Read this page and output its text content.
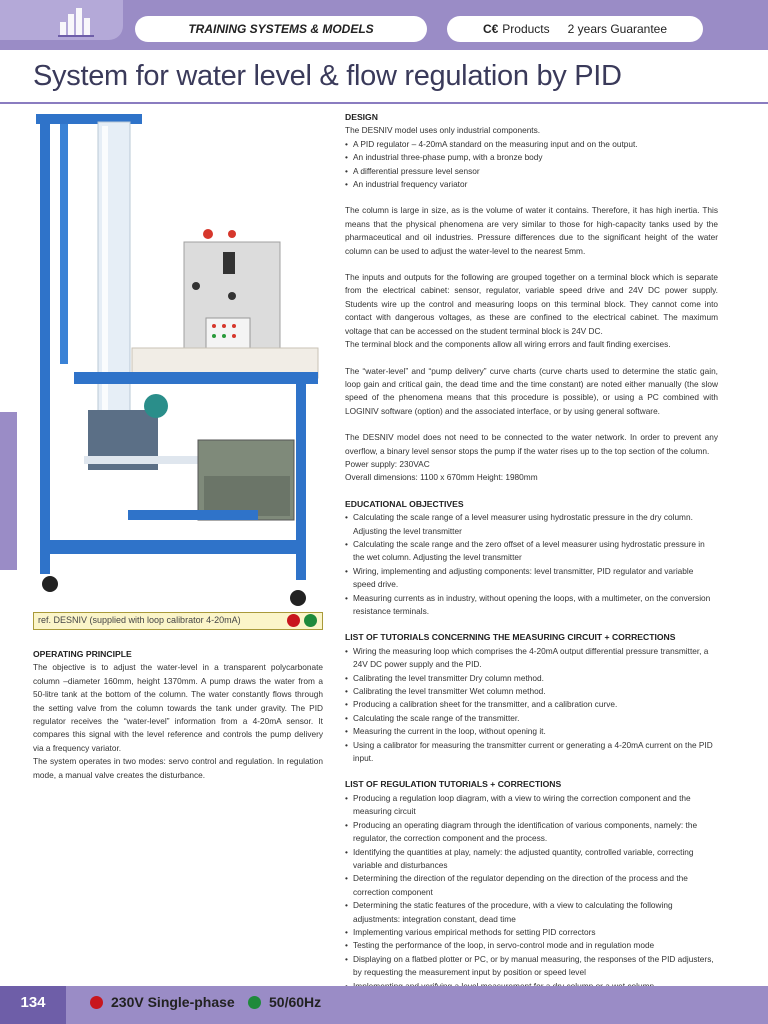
TRAINING SYSTEMS & MODELS	C€ Products 2 years Guarantee
System for water level & flow regulation by PID
ref. DESNIV (supplied with loop calibrator 4-20mA)
OPERATING PRINCIPLE

The objective is to adjust the water-level in a transparent polycarbonate column –diameter 160mm, height 1370mm. A pump draws the water from a 50-litre tank at the bottom of the column. The water constantly flows through the setting valve from the column towards the tank under gravity. The PID regulator receives the “water-level” information from a 4-20mA sensor. It compares this signal with the level reference and controls the pump delivery via a frequency variator.

The system operates in two modes: servo control and regulation. In regulation mode, a manual valve creates the disturbance.

DESIGN

The DESNIV model uses only industrial components.

• A PID regulator – 4-20mA standard on the measuring input and on the output.
• An industrial three-phase pump, with a bronze body
• A differential pressure level sensor
• An industrial frequency variator

The column is large in size, as is the volume of water it contains. Therefore, it has high inertia. This means that the physical phenomena are very similar to those for high-capacity tanks used by the pharmaceutical and oil industries. Pressure differences due to the significant height of the water column can be used to adjust the water-level to the nearest 5mm.

The inputs and outputs for the following are grouped together on a terminal block which is separate from the electrical cabinet: sensor, regulator, variable speed drive and 24V DC power supply. Students wire up the control and measuring loops on this terminal block. They cannot come into contact with dangerous voltages, as these are confined to the electrical cabinet. The maximum voltage that can be accessed on the student terminal block is 24V DC.

The terminal block and the components allow all wiring errors and fault finding exercises.

The “water-level” and “pump delivery” curve charts (curve charts used to determine the static gain, loop gain and critical gain, the dead time and the time constant) are noted either manually (the slow speed of the phenomena means that this procedure is possible), or using a PC combined with LOGINIV software (option) and the associated interface, or by using general software.

The DESNIV model does not need to be connected to the water network. In order to prevent any overflow, a binary level sensor stops the pump if the water rises up to the top section of the column.

Power supply: 230VAC

Overall dimensions: 1100 x 670mm Height: 1980mm

EDUCATIONAL OBJECTIVES
• Calculating the scale range of a level measurer using hydrostatic pressure in the dry column. Adjusting the level transmitter
• Calculating the scale range and the zero offset of a level measurer using hydrostatic pressure in the wet column. Adjusting the level transmitter
• Wiring, implementing and adjusting components: level transmitter, PID regulator and variable speed drive.
• Measuring currents as in industry, without opening the loops, with a multimeter, on the conversion resistance terminals.
LIST OF TUTORIALS CONCERNING THE MEASURING CIRCUIT + CORRECTIONS
• Wiring the measuring loop which comprises the 4-20mA output differential pressure transmitter, a 24V DC power supply and the PID.
• Calibrating the level transmitter Dry column method.
• Calibrating the level transmitter Wet column method.
• Producing a calibration sheet for the transmitter, and a calibration curve.
• Calculating the scale range of the transmitter.
• Measuring the current in the loop, without opening it.
• Using a calibrator for measuring the transmitter current or generating a 4-20mA current on the PID input.
LIST OF REGULATION TUTORIALS + CORRECTIONS
• Producing a regulation loop diagram, with a view to wiring the correction component and the measuring circuit
• Producing an operating diagram through the identification of various components, namely: the regulator, the correction component and the process.
• Identifying the quantities at play, namely: the adjusted quantity, controlled variable, correcting variable and disturbances
• Determining the direction of the regulator depending on the direction of the process and the correction component
• Determining the static features of the procedure, with a view to calculating the following adjustments: integration constant, dead time
• Implementing various empirical methods for setting PID correctors
• Testing the performance of the loop, in servo-control mode and in regulation mode
• Displaying on a flatbed plotter or PC, or by manual measuring, the responses of the PID adjusters, by requesting the measurement input by position or speed level
•
134	230V Single-phase 50/60Hz
